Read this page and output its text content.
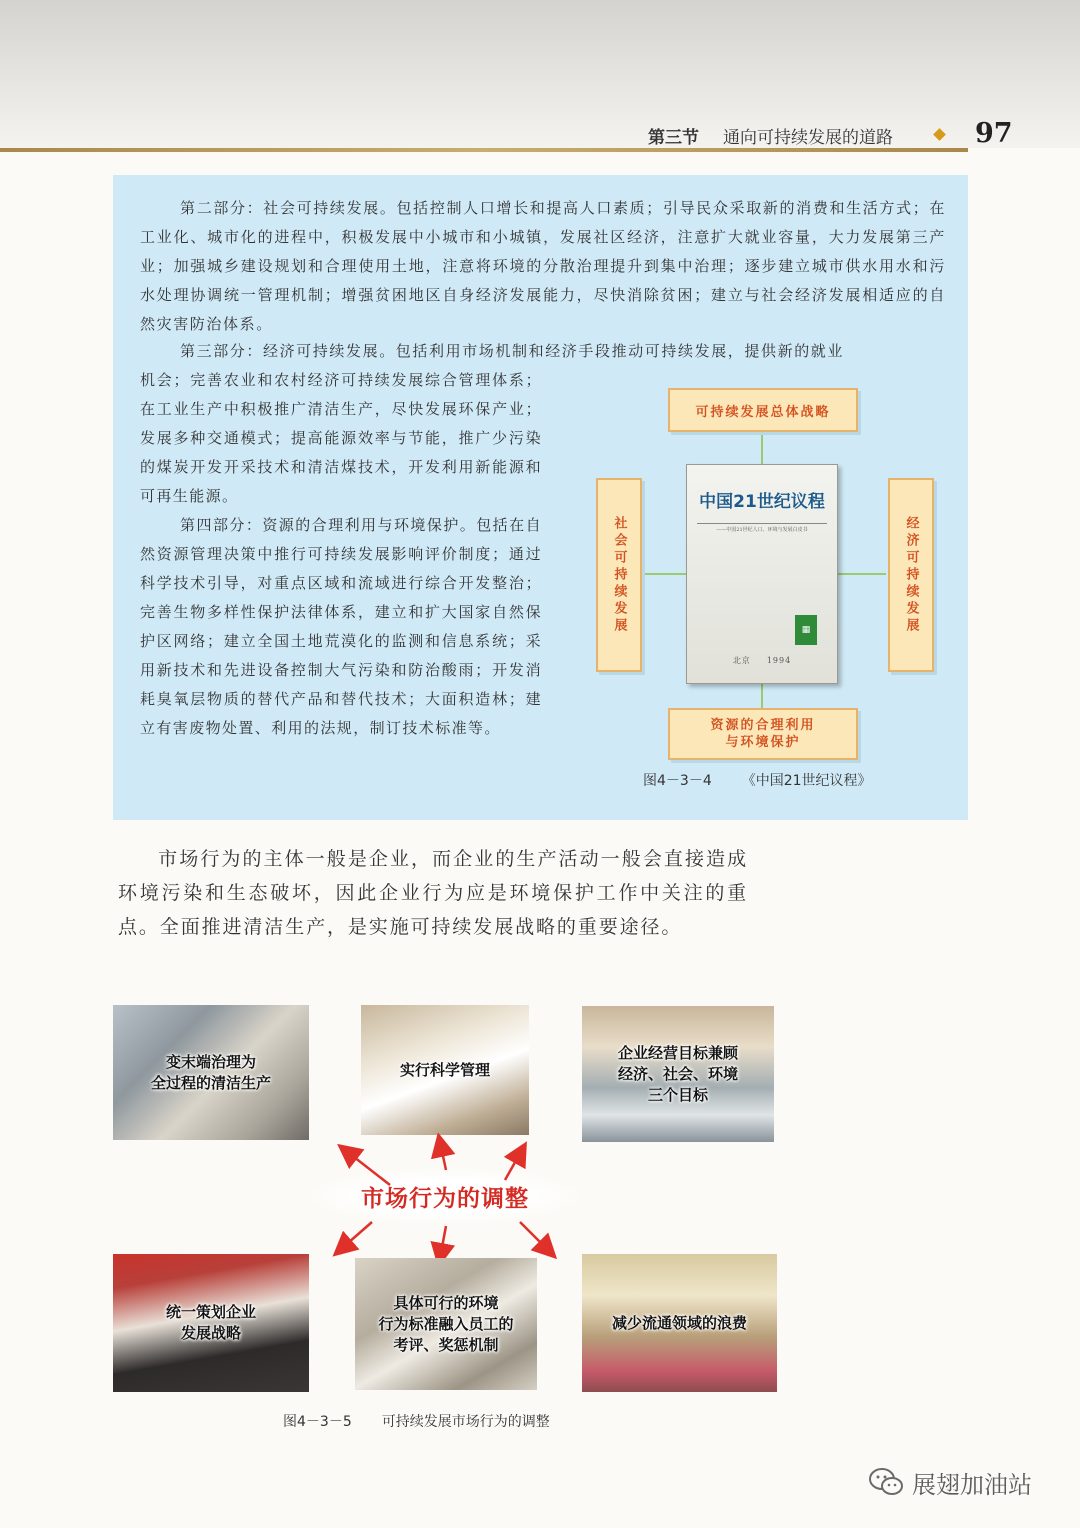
第三节 通向可持续发展的道路	97
第二部分：社会可持续发展。包括控制人口增长和提高人口素质；引导民众采取新的消费和生活方式；在工业化、城市化的进程中，积极发展中小城市和小城镇，发展社区经济，注意扩大就业容量，大力发展第三产业；加强城乡建设规划和合理使用土地，注意将环境的分散治理提升到集中治理；逐步建立城市供水用水和污水处理协调统一管理机制；增强贫困地区自身经济发展能力，尽快消除贫困；建立与社会经济发展相适应的自然灾害防治体系。
第三部分：经济可持续发展。包括利用市场机制和经济手段推动可持续发展，提供新的就业
机会；完善农业和农村经济可持续发展综合管理体系；在工业生产中积极推广清洁生产，尽快发展环保产业；发展多种交通模式；提高能源效率与节能，推广少污染的煤炭开发开采技术和清洁煤技术，开发利用新能源和可再生能源。
第四部分：资源的合理利用与环境保护。包括在自然资源管理决策中推行可持续发展影响评价制度；通过科学技术引导，对重点区域和流域进行综合开发整治；完善生物多样性保护法律体系，建立和扩大国家自然保护区网络；建立全国土地荒漠化的监测和信息系统；采用新技术和先进设备控制大气污染和防治酸雨；开发消耗臭氧层物质的替代产品和替代技术；大面积造林；建立有害废物处置、利用的法规，制订技术标准等。
可持续发展总体战略
社会可持续发展	经济可持续发展
资源的合理利用
与环境保护
中国21世纪议程
——中国21世纪人口、环境与发展白皮书
▦
北京 1994
图4－3－4 《中国21世纪议程》
市场行为的主体一般是企业，而企业的生产活动一般会直接造成环境污染和生态破坏，因此企业行为应是环境保护工作中关注的重点。全面推进清洁生产，是实施可持续发展战略的重要途径。
变末端治理为
全过程的清洁生产
实行科学管理
企业经营目标兼顾
经济、社会、环境
三个目标
市场行为的调整
统一策划企业
发展战略
具体可行的环境
行为标准融入员工的
考评、奖惩机制
减少流通领域的浪费
图4－3－5 可持续发展市场行为的调整
展翅加油站
